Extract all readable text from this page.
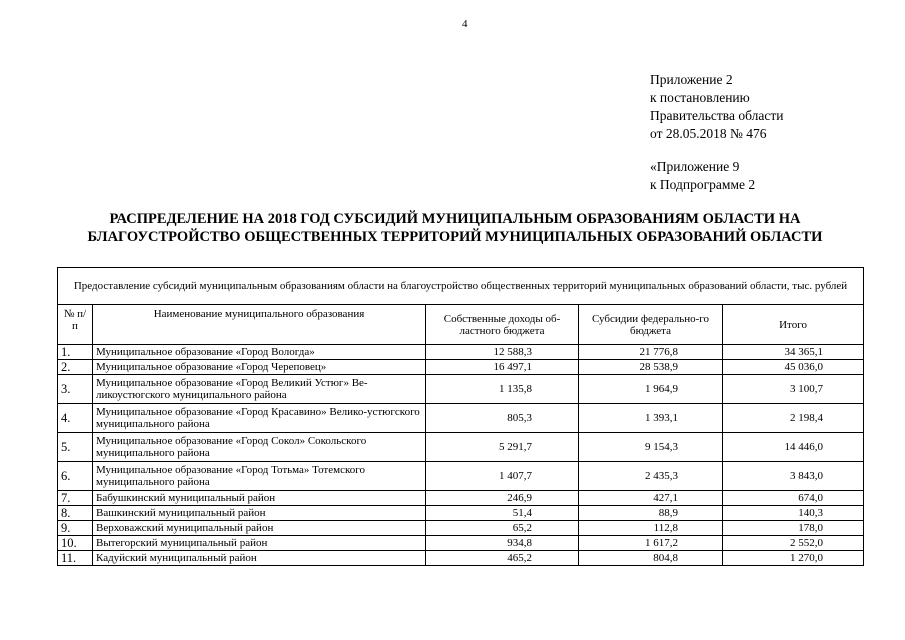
4
Приложение 2
к постановлению
Правительства области
от 28.05.2018 № 476
«Приложение 9
к Подпрограмме 2
РАСПРЕДЕЛЕНИЕ НА 2018 ГОД СУБСИДИЙ МУНИЦИПАЛЬНЫМ ОБРАЗОВАНИЯМ ОБЛАСТИ НА
БЛАГОУСТРОЙСТВО ОБЩЕСТВЕННЫХ ТЕРРИТОРИЙ МУНИЦИПАЛЬНЫХ ОБРАЗОВАНИЙ ОБЛАСТИ
Предоставление субсидий муниципальным образованиям области на благоустройство общественных территорий муниципальных образований области, тыс. рублей				
№ п/п	Наименование муниципального образования	Собственные доходы об-ластного бюджета	Субсидии федерально-го бюджета	Итого
1.	Муниципальное образование «Город Вологда»	12 588,3	21 776,8	34 365,1
2.	Муниципальное образование «Город Череповец»	16 497,1	28 538,9	45 036,0
3.	Муниципальное образование «Город Великий Устюг» Ве-ликоустюгского муниципального района	1 135,8	1 964,9	3 100,7
4.	Муниципальное образование «Город Красавино» Велико-устюгского муниципального района	805,3	1 393,1	2 198,4
5.	Муниципальное образование «Город Сокол» Сокольского муниципального района	5 291,7	9 154,3	14 446,0
6.	Муниципальное образование «Город Тотьма» Тотемского муниципального района	1 407,7	2 435,3	3 843,0
7.	Бабушкинский муниципальный район	246,9	427,1	674,0
8.	Вашкинский муниципальный район	51,4	88,9	140,3
9.	Верховажский муниципальный район	65,2	112,8	178,0
10.	Вытегорский муниципальный район	934,8	1 617,2	2 552,0
11.	Кадуйский муниципальный район	465,2	804,8	1 270,0
